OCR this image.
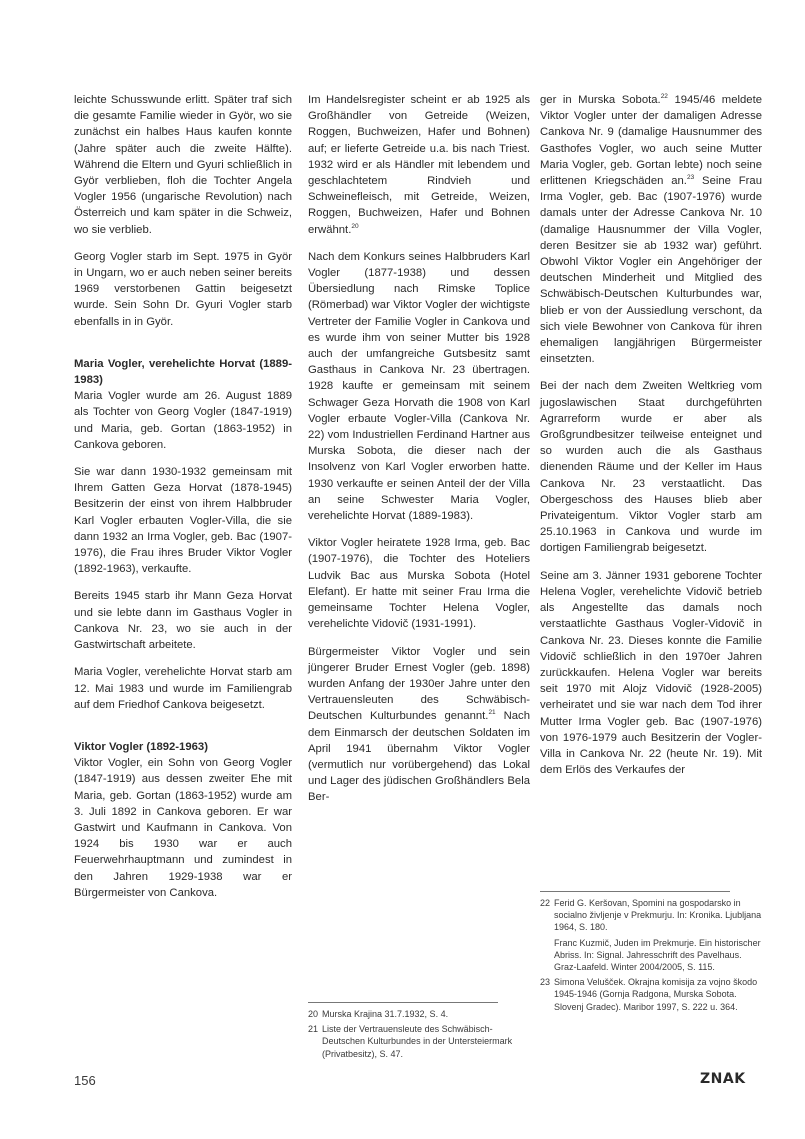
leichte Schusswunde erlitt. Später traf sich die gesamte Familie wieder in Györ, wo sie zunächst ein halbes Haus kaufen konnte (Jahre später auch die zweite Hälfte). Während die Eltern und Gyuri schließlich in Györ verblieben, floh die Tochter Angela Vogler 1956 (ungarische Revolution) nach Österreich und kam später in die Schweiz, wo sie verblieb.

Georg Vogler starb im Sept. 1975 in Györ in Ungarn, wo er auch neben seiner bereits 1969 verstorbenen Gattin beigesetzt wurde. Sein Sohn Dr. Gyuri Vogler starb ebenfalls in in Györ.

Maria Vogler, verehelichte Horvat (1889-1983)

Maria Vogler wurde am 26. August 1889 als Tochter von Georg Vogler (1847-1919) und Maria, geb. Gortan (1863-1952) in Cankova geboren.

Sie war dann 1930-1932 gemeinsam mit Ihrem Gatten Geza Horvat (1878-1945) Besitzerin der einst von ihrem Halbbruder Karl Vogler erbauten Vogler-Villa, die sie dann 1932 an Irma Vogler, geb. Bac (1907-1976), die Frau ihres Bruder Viktor Vogler (1892-1963), verkaufte.

Bereits 1945 starb ihr Mann Geza Horvat und sie lebte dann im Gasthaus Vogler in Cankova Nr. 23, wo sie auch in der Gastwirtschaft arbeitete.

Maria Vogler, verehelichte Horvat starb am 12. Mai 1983 und wurde im Familiengrab auf dem Friedhof Cankova beigesetzt.

Viktor Vogler (1892-1963)

Viktor Vogler, ein Sohn von Georg Vogler (1847-1919) aus dessen zweiter Ehe mit Maria, geb. Gortan (1863-1952) wurde am 3. Juli 1892 in Cankova geboren. Er war Gastwirt und Kaufmann in Cankova. Von 1924 bis 1930 war er auch Feuerwehrhauptmann und zumindest in den Jahren 1929-1938 war er Bürgermeister von Cankova.

Im Handelsregister scheint er ab 1925 als Großhändler von Getreide (Weizen, Roggen, Buchweizen, Hafer und Bohnen) auf; er lieferte Getreide u.a. bis nach Triest. 1932 wird er als Händler mit lebendem und geschlachtetem Rindvieh und Schweinefleisch, mit Getreide, Weizen, Roggen, Buchweizen, Hafer und Bohnen erwähnt.$^{20}$

Nach dem Konkurs seines Halbbruders Karl Vogler (1877-1938) und dessen Übersiedlung nach Rimske Toplice (Römerbad) war Viktor Vogler der wichtigste Vertreter der Familie Vogler in Cankova und es wurde ihm von seiner Mutter bis 1928 auch der umfangreiche Gutsbesitz samt Gasthaus in Cankova Nr. 23 übertragen. 1928 kaufte er gemeinsam mit seinem Schwager Geza Horvath die 1908 von Karl Vogler erbaute Vogler-Villa (Cankova Nr. 22) vom Industriellen Ferdinand Hartner aus Murska Sobota, die dieser nach der Insolvenz von Karl Vogler erworben hatte. 1930 verkaufte er seinen Anteil der der Villa an seine Schwester Maria Vogler, verehelichte Horvat (1889-1983).

Viktor Vogler heiratete 1928 Irma, geb. Bac (1907-1976), die Tochter des Hoteliers Ludvik Bac aus Murska Sobota (Hotel Elefant). Er hatte mit seiner Frau Irma die gemeinsame Tochter Helena Vogler, verehelichte Vidovič (1931-1991).

Bürgermeister Viktor Vogler und sein jüngerer Bruder Ernest Vogler (geb. 1898) wurden Anfang der 1930er Jahre unter den Vertrauensleuten des Schwäbisch-Deutschen Kulturbundes genannt.$^{21}$ Nach dem Einmarsch der deutschen Soldaten im April 1941 übernahm Viktor Vogler (vermutlich nur vorübergehend) das Lokal und Lager des jüdischen Großhändlers Bela Ber-

ger in Murska Sobota.$^{22}$ 1945/46 meldete Viktor Vogler unter der damaligen Adresse Cankova Nr. 9 (damalige Hausnummer des Gasthofes Vogler, wo auch seine Mutter Maria Vogler, geb. Gortan lebte) noch seine erlittenen Kriegschäden an.$^{23}$ Seine Frau Irma Vogler, geb. Bac (1907-1976) wurde damals unter der Adresse Cankova Nr. 10 (damalige Hausnummer der Villa Vogler, deren Besitzer sie ab 1932 war) geführt. Obwohl Viktor Vogler ein Angehöriger der deutschen Minderheit und Mitglied des Schwäbisch-Deutschen Kulturbundes war, blieb er von der Aussiedlung verschont, da sich viele Bewohner von Cankova für ihren ehemaligen langjährigen Bürgermeister einsetzten.

Bei der nach dem Zweiten Weltkrieg vom jugoslawischen Staat durchgeführten Agrarreform wurde er aber als Großgrundbesitzer teilweise enteignet und so wurden auch die als Gasthaus dienenden Räume und der Keller im Haus Cankova Nr. 23 verstaatlicht. Das Obergeschoss des Hauses blieb aber Privateigentum. Viktor Vogler starb am 25.10.1963 in Cankova und wurde im dortigen Familiengrab beigesetzt.

Seine am 3. Jänner 1931 geborene Tochter Helena Vogler, verehelichte Vidovič betrieb als Angestellte das damals noch verstaatlichte Gasthaus Vogler-Vidovič in Cankova Nr. 23. Dieses konnte die Familie Vidovič schließlich in den 1970er Jahren zurückkaufen. Helena Vogler war bereits seit 1970 mit Alojz Vidovič (1928-2005) verheiratet und sie war nach dem Tod ihrer Mutter Irma Vogler geb. Bac (1907-1976) von 1976-1979 auch Besitzerin der Vogler-Villa in Cankova Nr. 22 (heute Nr. 19). Mit dem Erlös des Verkaufes der

20 Murska Krajina 31.7.1932, S. 4.
21 Liste der Vertrauensleute des Schwäbisch-Deutschen Kulturbundes in der Untersteiermark (Privatbesitz), S. 47.
22 Ferid G. Keršovan, Spomini na gospodarsko in socialno življenje v Prekmurju. In: Kronika. Ljubljana 1964, S. 180.
Franc Kuzmič, Juden im Prekmurje. Ein historischer Abriss. In: Signal. Jahresschrift des Pavelhaus. Graz-Laafeld. Winter 2004/2005, S. 115.
23 Simona Velušček. Okrajna komisija za vojno škodo 1945-1946 (Gornja Radgona, Murska Sobota. Slovenj Gradec). Maribor 1997, S. 222 u. 364.
156	ZNAK
